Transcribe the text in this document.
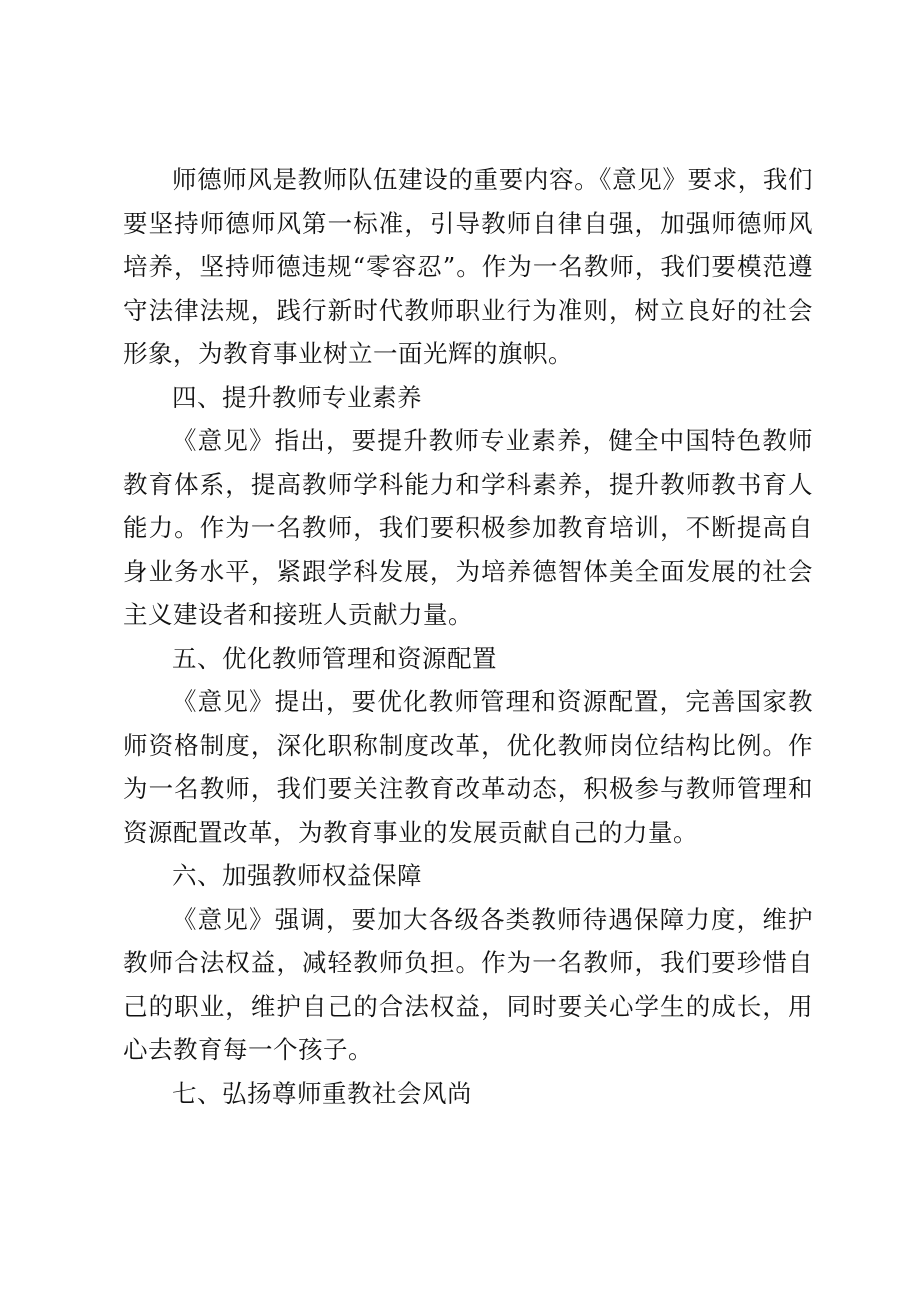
师德师风是教师队伍建设的重要内容。《意见》要求，我们要坚持师德师风第一标准，引导教师自律自强，加强师德师风培养，坚持师德违规“零容忍”。作为一名教师，我们要模范遵守法律法规，践行新时代教师职业行为准则，树立良好的社会形象，为教育事业树立一面光辉的旗帜。

四、提升教师专业素养

《意见》指出，要提升教师专业素养，健全中国特色教师教育体系，提高教师学科能力和学科素养，提升教师教书育人能力。作为一名教师，我们要积极参加教育培训，不断提高自身业务水平，紧跟学科发展，为培养德智体美全面发展的社会主义建设者和接班人贡献力量。

五、优化教师管理和资源配置

《意见》提出，要优化教师管理和资源配置，完善国家教师资格制度，深化职称制度改革，优化教师岗位结构比例。作为一名教师，我们要关注教育改革动态，积极参与教师管理和资源配置改革，为教育事业的发展贡献自己的力量。

六、加强教师权益保障

《意见》强调，要加大各级各类教师待遇保障力度，维护教师合法权益，减轻教师负担。作为一名教师，我们要珍惜自己的职业，维护自己的合法权益，同时要关心学生的成长，用心去教育每一个孩子。

七、弘扬尊师重教社会风尚
